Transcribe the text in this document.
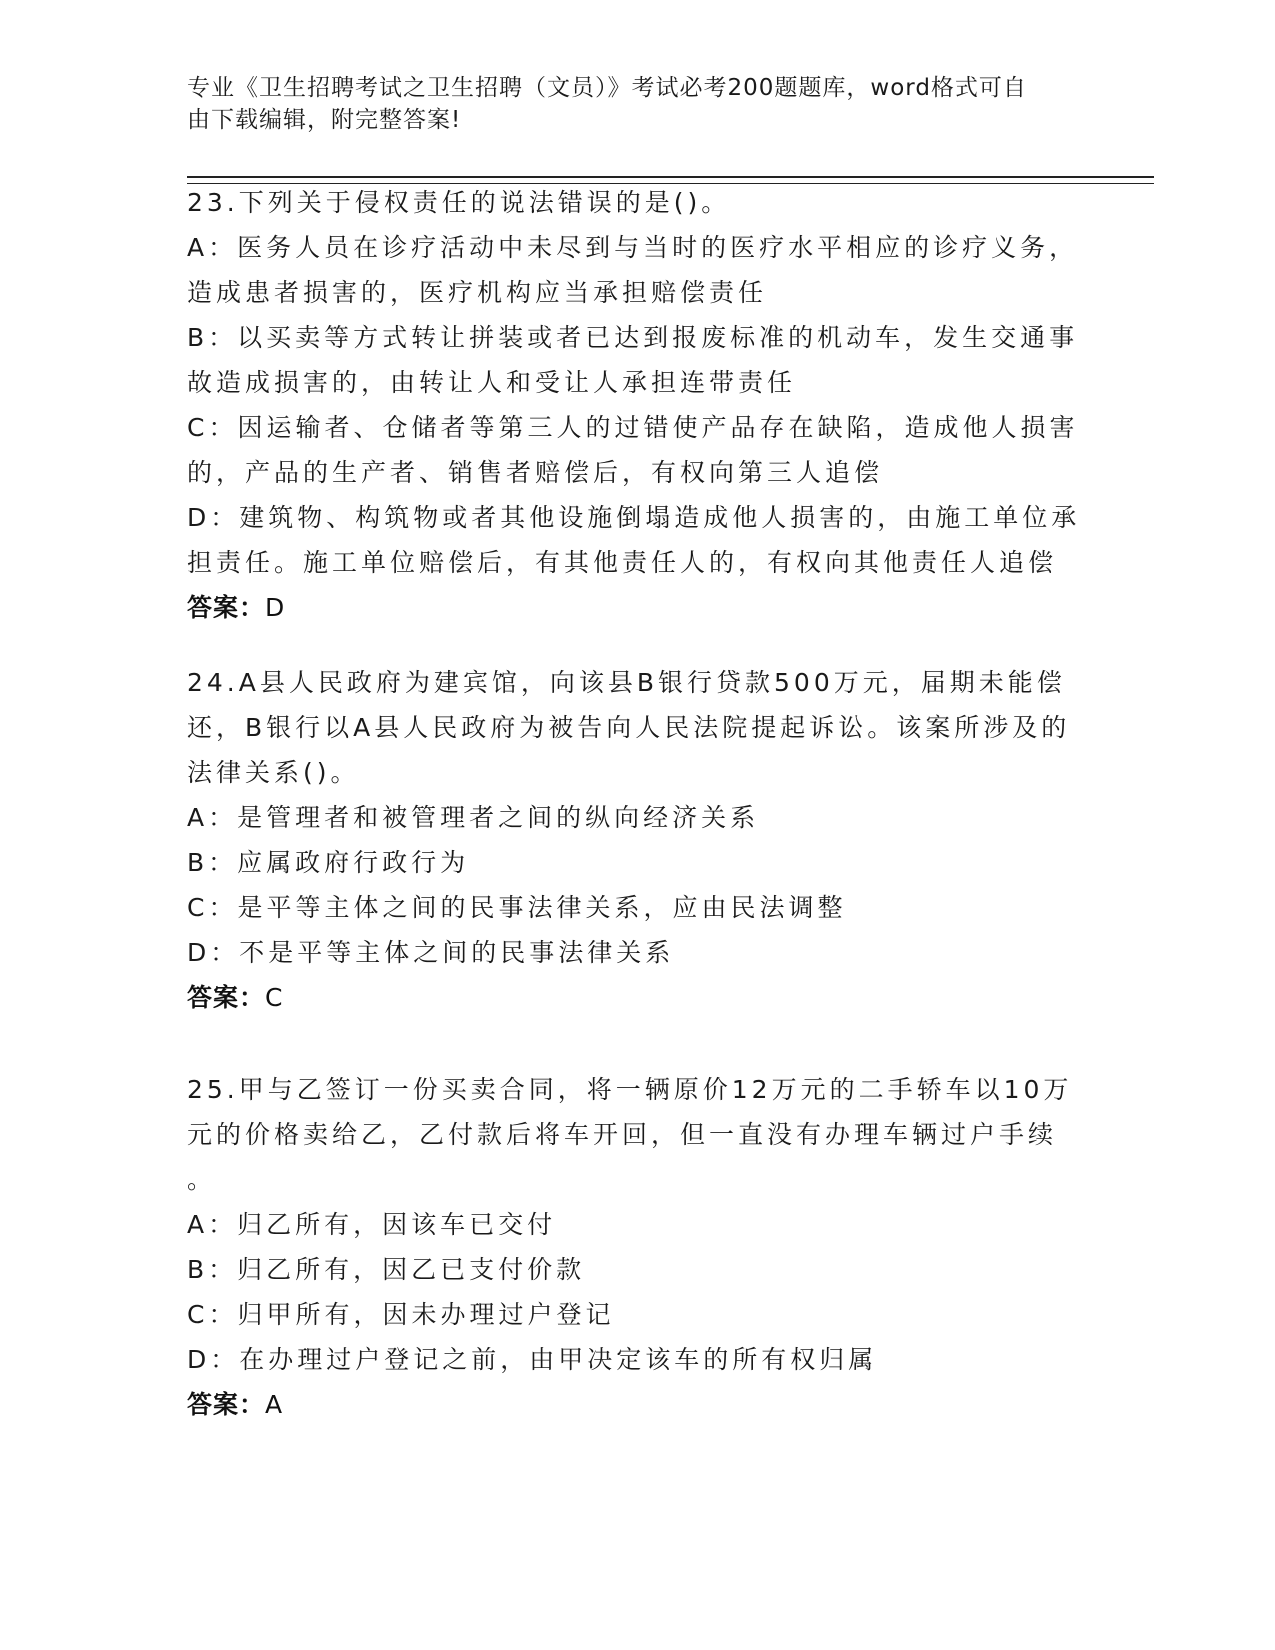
专业《卫生招聘考试之卫生招聘（文员）》考试必考200题题库，word格式可自
由下载编辑，附完整答案!
23.下列关于侵权责任的说法错误的是()。
A：医务人员在诊疗活动中未尽到与当时的医疗水平相应的诊疗义务，
造成患者损害的，医疗机构应当承担赔偿责任
B：以买卖等方式转让拼装或者已达到报废标准的机动车，发生交通事
故造成损害的，由转让人和受让人承担连带责任
C：因运输者、仓储者等第三人的过错使产品存在缺陷，造成他人损害
的，产品的生产者、销售者赔偿后，有权向第三人追偿
D：建筑物、构筑物或者其他设施倒塌造成他人损害的，由施工单位承
担责任。施工单位赔偿后，有其他责任人的，有权向其他责任人追偿
答案：D
24.A县人民政府为建宾馆，向该县B银行贷款500万元，届期未能偿
还，B银行以A县人民政府为被告向人民法院提起诉讼。该案所涉及的
法律关系()。
A：是管理者和被管理者之间的纵向经济关系
B：应属政府行政行为
C：是平等主体之间的民事法律关系，应由民法调整
D：不是平等主体之间的民事法律关系
答案：C
25.甲与乙签订一份买卖合同，将一辆原价12万元的二手轿车以10万
元的价格卖给乙，乙付款后将车开回，但一直没有办理车辆过户手续
。
A：归乙所有，因该车已交付
B：归乙所有，因乙已支付价款
C：归甲所有，因未办理过户登记
D：在办理过户登记之前，由甲决定该车的所有权归属
答案：A
